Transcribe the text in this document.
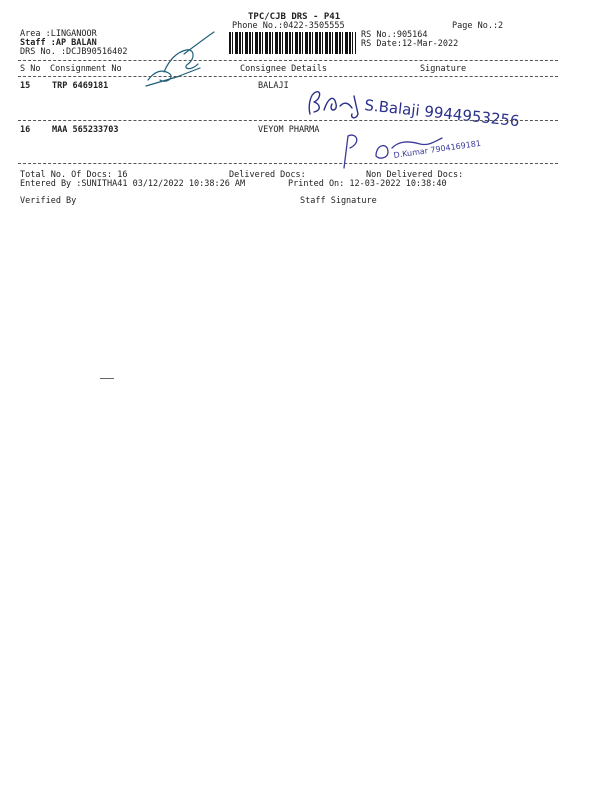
TPC/CJB DRS - P41
Phone No.:0422-3505555	Page No.:2
Area :LINGANOOR
Staff :AP BALAN
DRS No. :DCJB90516402
RS No.:905164
RS Date:12-Mar-2022
S No Consignment No	Consignee Details	Signature
15	TRP 6469181	BALAJI
S.Balaji 9944953256
16	MAA 565233703	VEYOM PHARMA
D.Kumar 7904169181
Total No. Of Docs: 16	Delivered Docs:	Non Delivered Docs:
Entered By :SUNITHA41 03/12/2022 10:38:26 AM	Printed On: 12-03-2022 10:38:40
Verified By	Staff Signature
